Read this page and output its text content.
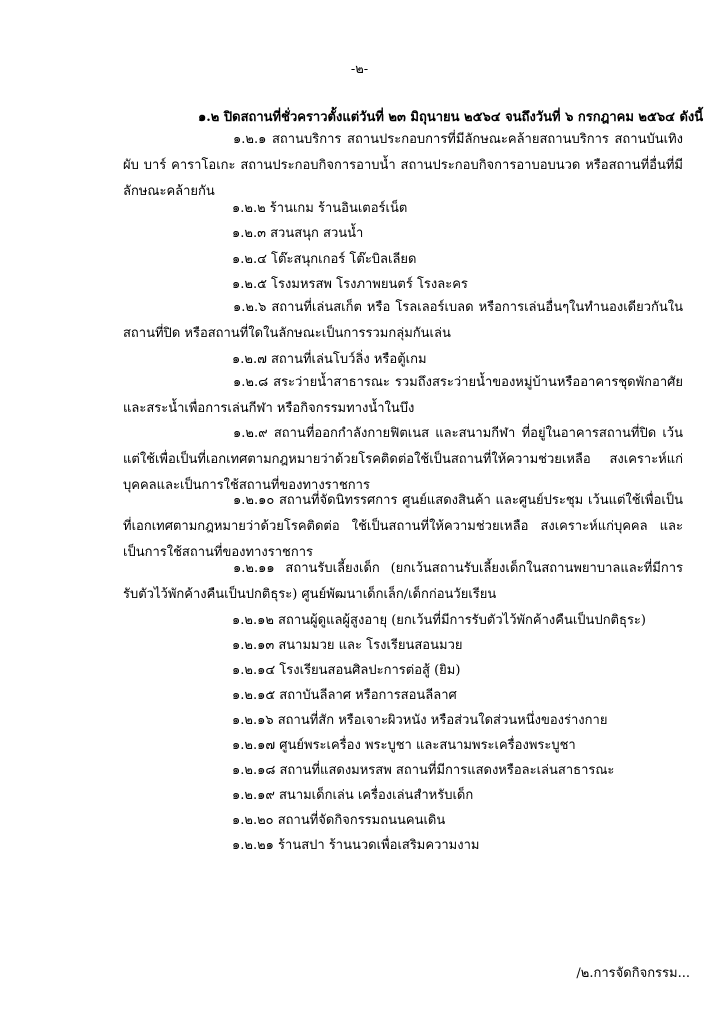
-๒-
๑.๒ ปิดสถานที่ชั่วคราวตั้งแต่วันที่ ๒๓ มิถุนายน ๒๕๖๔ จนถึงวันที่ ๖ กรกฎาคม ๒๕๖๔ ดังนี้
๑.๒.๑ สถานบริการ สถานประกอบการที่มีลักษณะคล้ายสถานบริการ สถานบันเทิง ผับ บาร์ คาราโอเกะ สถานประกอบกิจการอาบน้ำ สถานประกอบกิจการอาบอบนวด หรือสถานที่อื่นที่มีลักษณะคล้ายกัน
๑.๒.๒ ร้านเกม ร้านอินเตอร์เน็ต
๑.๒.๓ สวนสนุก สวนน้ำ
๑.๒.๔ โต๊ะสนุกเกอร์ โต๊ะบิลเลียด
๑.๒.๕ โรงมหรสพ โรงภาพยนตร์ โรงละคร
๑.๒.๖ สถานที่เล่นสเก็ต หรือ โรลเลอร์เบลด หรือการเล่นอื่นๆในทำนองเดียวกันในสถานที่ปิด หรือสถานที่ใดในลักษณะเป็นการรวมกลุ่มกันเล่น
๑.๒.๗ สถานที่เล่นโบว์ลิ่ง หรือตู้เกม
๑.๒.๘ สระว่ายน้ำสาธารณะ รวมถึงสระว่ายน้ำของหมู่บ้านหรืออาคารชุดพักอาศัยและสระน้ำเพื่อการเล่นกีฬา หรือกิจกรรมทางน้ำในบึง
๑.๒.๙ สถานที่ออกกำลังกายฟิตเนส และสนามกีฬา ที่อยู่ในอาคารสถานที่ปิด เว้นแต่ใช้เพื่อเป็นที่เอกเทศตามกฎหมายว่าด้วยโรคติดต่อใช้เป็นสถานที่ให้ความช่วยเหลือ สงเคราะห์แก่บุคคลและเป็นการใช้สถานที่ของทางราชการ
๑.๒.๑๐ สถานที่จัดนิทรรศการ ศูนย์แสดงสินค้า และศูนย์ประชุม เว้นแต่ใช้เพื่อเป็นที่เอกเทศตามกฎหมายว่าด้วยโรคติดต่อ ใช้เป็นสถานที่ให้ความช่วยเหลือ สงเคราะห์แก่บุคคล และเป็นการใช้สถานที่ของทางราชการ
๑.๒.๑๑ สถานรับเลี้ยงเด็ก (ยกเว้นสถานรับเลี้ยงเด็กในสถานพยาบาลและที่มีการรับตัวไว้พักค้างคืนเป็นปกติธุระ) ศูนย์พัฒนาเด็กเล็ก/เด็กก่อนวัยเรียน
๑.๒.๑๒ สถานผู้ดูแลผู้สูงอายุ (ยกเว้นที่มีการรับตัวไว้พักค้างคืนเป็นปกติธุระ)
๑.๒.๑๓ สนามมวย และ โรงเรียนสอนมวย
๑.๒.๑๔ โรงเรียนสอนศิลปะการต่อสู้ (ยิม)
๑.๒.๑๕ สถาบันลีลาศ หรือการสอนลีลาศ
๑.๒.๑๖ สถานที่สัก หรือเจาะผิวหนัง หรือส่วนใดส่วนหนึ่งของร่างกาย
๑.๒.๑๗ ศูนย์พระเครื่อง พระบูชา และสนามพระเครื่องพระบูชา
๑.๒.๑๘ สถานที่แสดงมหรสพ สถานที่มีการแสดงหรือละเล่นสาธารณะ
๑.๒.๑๙ สนามเด็กเล่น เครื่องเล่นสำหรับเด็ก
๑.๒.๒๐ สถานที่จัดกิจกรรมถนนคนเดิน
๑.๒.๒๑ ร้านสปา ร้านนวดเพื่อเสริมความงาม
/๒.การจัดกิจกรรม...
